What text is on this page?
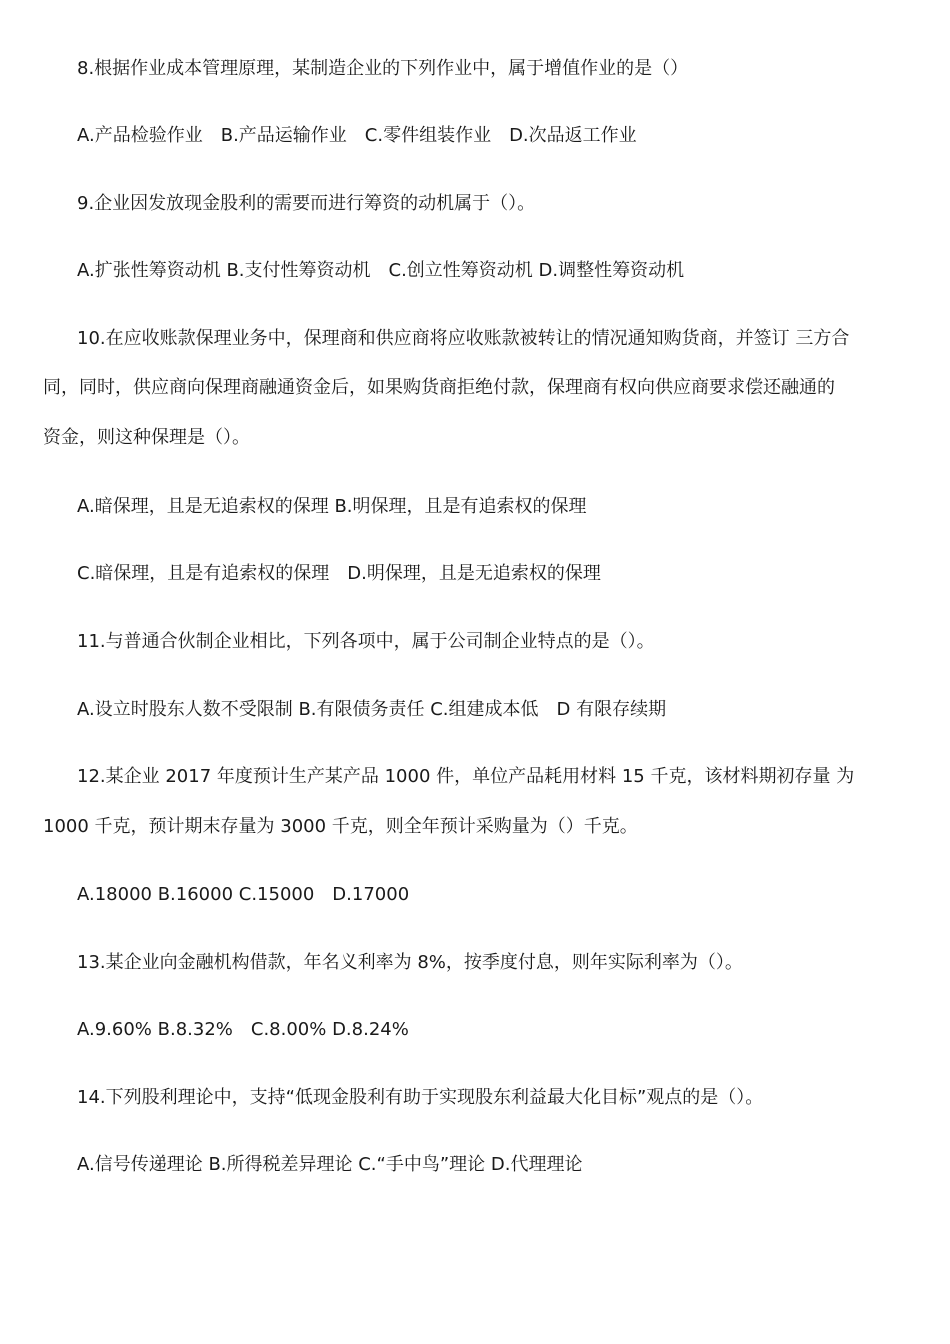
8.根据作业成本管理原理，某制造企业的下列作业中，属于增值作业的是（）
A.产品检验作业　B.产品运输作业　C.零件组装作业　D.次品返工作业
9.企业因发放现金股利的需要而进行筹资的动机属于（）。
A.扩张性筹资动机 B.支付性筹资动机　C.创立性筹资动机 D.调整性筹资动机
10.在应收账款保理业务中，保理商和供应商将应收账款被转让的情况通知购货商，并签订 三方合
同，同时，供应商向保理商融通资金后，如果购货商拒绝付款，保理商有权向供应商要求偿还融通的
资金，则这种保理是（）。
A.暗保理，且是无追索权的保理 B.明保理，且是有追索权的保理
C.暗保理，且是有追索权的保理　D.明保理，且是无追索权的保理
11.与普通合伙制企业相比，下列各项中，属于公司制企业特点的是（）。
A.设立时股东人数不受限制 B.有限债务责任 C.组建成本低　D 有限存续期
12.某企业 2017 年度预计生产某产品 1000 件，单位产品耗用材料 15 千克，该材料期初存量 为
1000 千克，预计期末存量为 3000 千克，则全年预计采购量为（）千克。
A.18000 B.16000 C.15000　D.17000
13.某企业向金融机构借款，年名义利率为 8%，按季度付息，则年实际利率为（）。
A.9.60% B.8.32%　C.8.00% D.8.24%
14.下列股利理论中，支持“低现金股利有助于实现股东利益最大化目标”观点的是（）。
A.信号传递理论 B.所得税差异理论 C.“手中鸟”理论 D.代理理论
